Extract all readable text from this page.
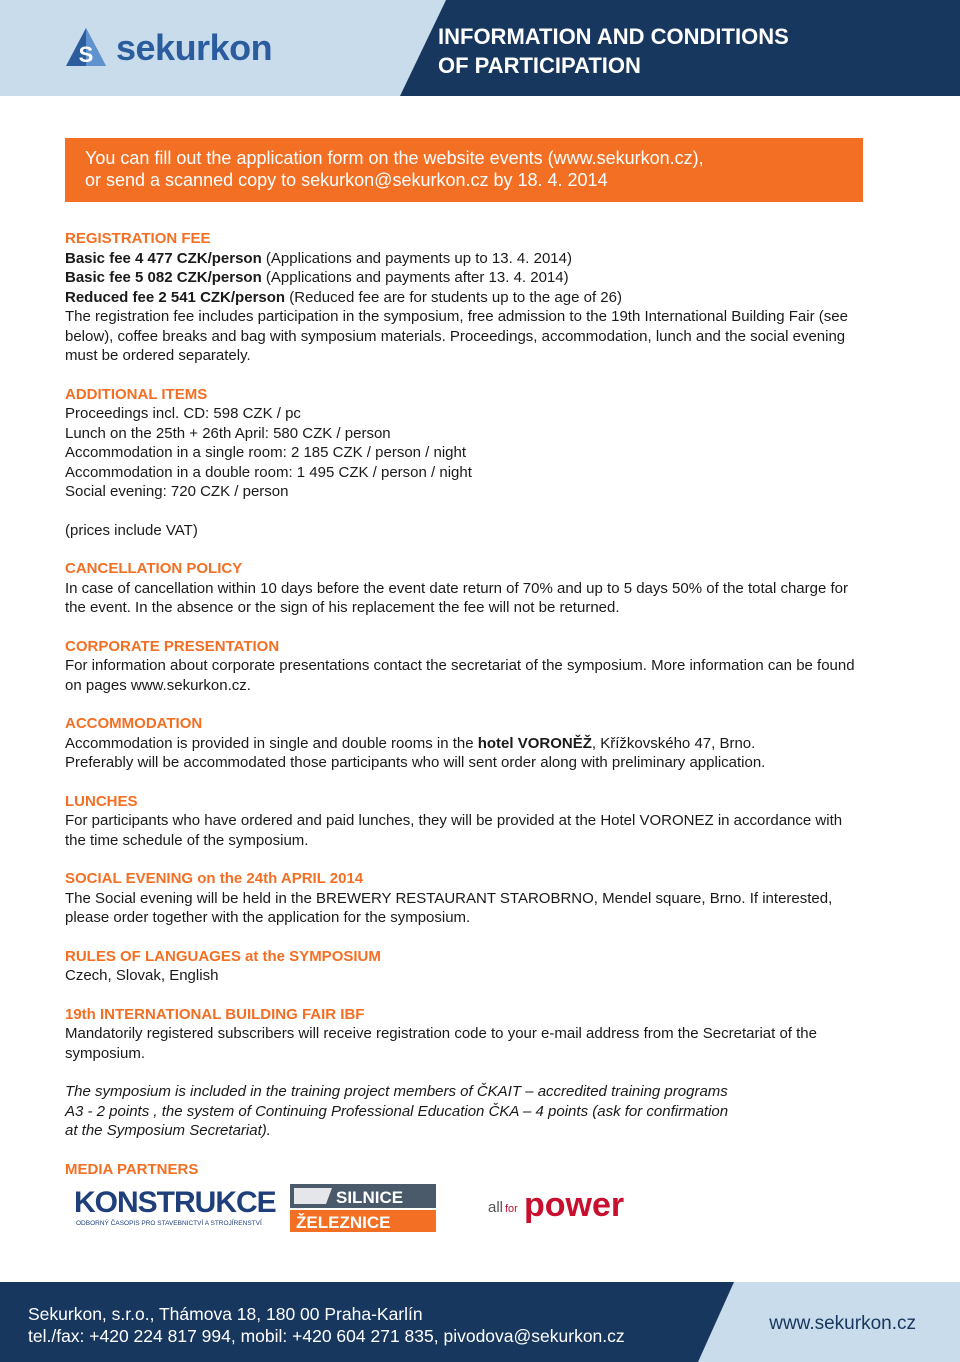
S sekurkon	INFORMATION AND CONDITIONS
OF PARTICIPATION
You can fill out the application form on the website events (www.sekurkon.cz),
or send a scanned copy to sekurkon@sekurkon.cz by 18. 4. 2014

REGISTRATION FEE

Basic fee 4 477 CZK/person (Applications and payments up to 13. 4. 2014)

Basic fee 5 082 CZK/person (Applications and payments after 13. 4. 2014)

Reduced fee 2 541 CZK/person (Reduced fee are for students up to the age of 26)

The registration fee includes participation in the symposium, free admission to the 19th International Building Fair (see below), coffee breaks and bag with symposium materials. Proceedings, accommodation, lunch and the social evening must be ordered separately.

ADDITIONAL ITEMS

Proceedings incl. CD: 598 CZK / pc

Lunch on the 25th + 26th April: 580 CZK / person

Accommodation in a single room: 2 185 CZK / person / night

Accommodation in a double room: 1 495 CZK / person / night

Social evening: 720 CZK / person

(prices include VAT)

CANCELLATION POLICY

In case of cancellation within 10 days before the event date return of 70% and up to 5 days 50% of the total charge for the event. In the absence or the sign of his replacement the fee will not be returned.

CORPORATE PRESENTATION

For information about corporate presentations contact the secretariat of the symposium. More information can be found on pages www.sekurkon.cz.

ACCOMMODATION

Accommodation is provided in single and double rooms in the hotel VORONĚŽ, Křížkovského 47, Brno.

Preferably will be accommodated those participants who will sent order along with preliminary application.

LUNCHES

For participants who have ordered and paid lunches, they will be provided at the Hotel VORONEZ in accordance with the time schedule of the symposium.

SOCIAL EVENING on the 24th APRIL 2014

The Social evening will be held in the BREWERY RESTAURANT STAROBRNO, Mendel square, Brno. If interested, please order together with the application for the symposium.

RULES OF LANGUAGES at the SYMPOSIUM

Czech, Slovak, English

19th INTERNATIONAL BUILDING FAIR IBF

Mandatorily registered subscribers will receive registration code to your e-mail address from the Secretariat of the symposium.

The symposium is included in the training project members of ČKAIT – accredited training programs

A3 - 2 points , the system of Continuing Professional Education ČKA – 4 points (ask for confirmation

at the Symposium Secretariat).

MEDIA PARTNERS

KONSTRUKCE
ODBORNÝ ČASOPIS PRO STAVEBNICTVÍ A STROJÍRENSTVÍ
SILNICE
ŽELEZNICE
all for power
Sekurkon, s.r.o., Thámova 18, 180 00 Praha-Karlín
tel./fax: +420 224 817 994, mobil: +420 604 271 835, pivodova@sekurkon.cz
www.sekurkon.cz
